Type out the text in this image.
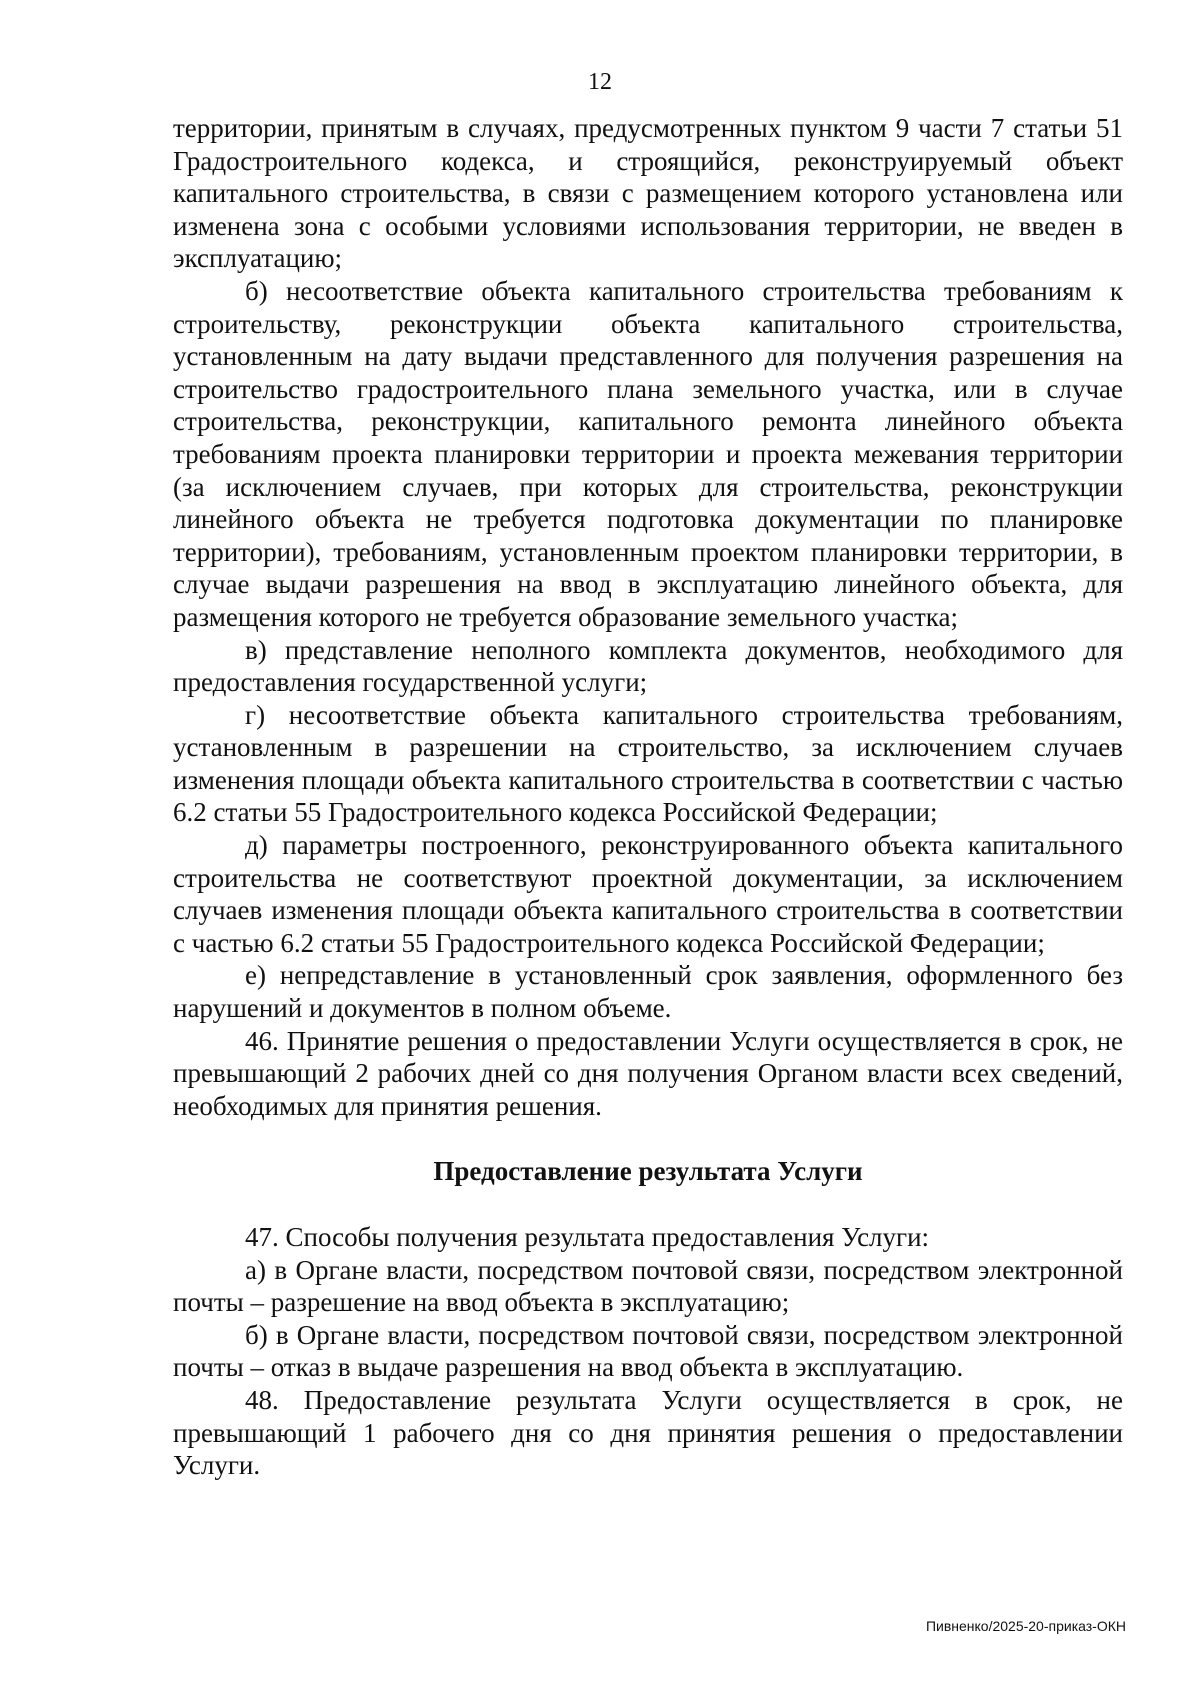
12

территории, принятым в случаях, предусмотренных пунктом 9 части 7 статьи 51 Градостроительного кодекса, и строящийся, реконструируемый объект капитального строительства, в связи с размещением которого установлена или изменена зона с особыми условиями использования территории, не введен в эксплуатацию;

б) несоответствие объекта капитального строительства требованиям к строительству, реконструкции объекта капитального строительства, установленным на дату выдачи представленного для получения разрешения на строительство градостроительного плана земельного участка, или в случае строительства, реконструкции, капитального ремонта линейного объекта требованиям проекта планировки территории и проекта межевания территории (за исключением случаев, при которых для строительства, реконструкции линейного объекта не требуется подготовка документации по планировке территории), требованиям, установленным проектом планировки территории, в случае выдачи разрешения на ввод в эксплуатацию линейного объекта, для размещения которого не требуется образование земельного участка;

в) представление неполного комплекта документов, необходимого для предоставления государственной услуги;

г) несоответствие объекта капитального строительства требованиям, установленным в разрешении на строительство, за исключением случаев изменения площади объекта капитального строительства в соответствии с частью 6.2 статьи 55 Градостроительного кодекса Российской Федерации;

д) параметры построенного, реконструированного объекта капитального строительства не соответствуют проектной документации, за исключением случаев изменения площади объекта капитального строительства в соответствии с частью 6.2 статьи 55 Градостроительного кодекса Российской Федерации;

е) непредставление в установленный срок заявления, оформленного без нарушений и документов в полном объеме.

46. Принятие решения о предоставлении Услуги осуществляется в срок, не превышающий 2 рабочих дней со дня получения Органом власти всех сведений, необходимых для принятия решения.

Предоставление результата Услуги

47. Способы получения результата предоставления Услуги:

а) в Органе власти, посредством почтовой связи, посредством электронной почты – разрешение на ввод объекта в эксплуатацию;

б) в Органе власти, посредством почтовой связи, посредством электронной почты – отказ в выдаче разрешения на ввод объекта в эксплуатацию.

48. Предоставление результата Услуги осуществляется в срок, не превышающий 1 рабочего дня со дня принятия решения о предоставлении Услуги.

Пивненко/2025-20-приказ-ОКН
